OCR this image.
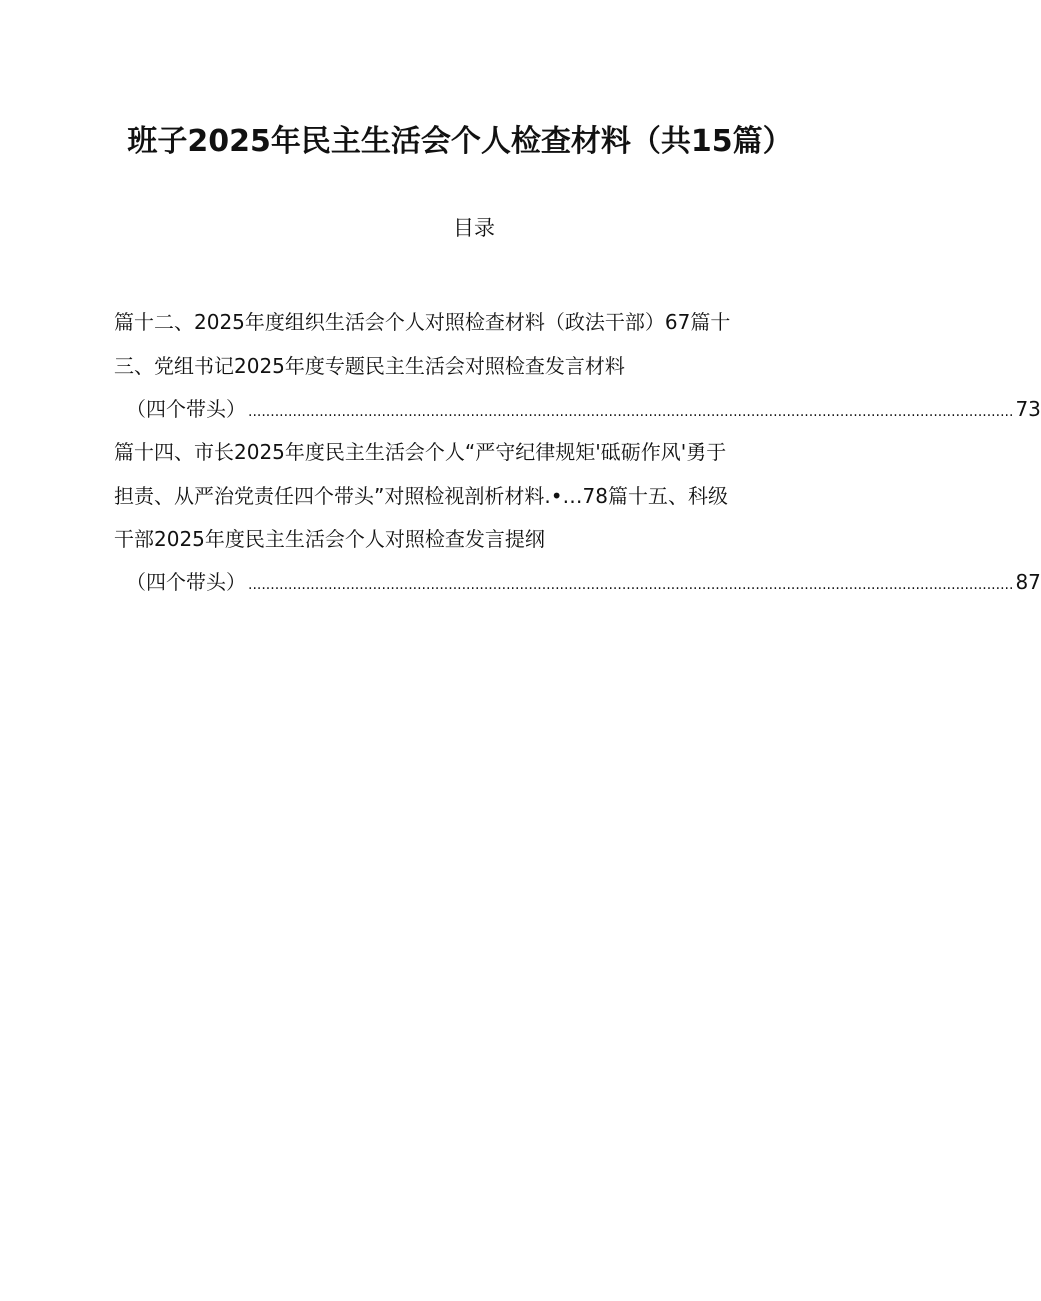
班子2025年民主生活会个人检查材料（共15篇）
目录
篇十二、2025年度组织生活会个人对照检查材料（政法干部）67篇十
三、党组书记2025年度专题民主生活会对照检查发言材料
（四个带头） ............................................................................................................................................................................ 73
篇十四、市长2025年度民主生活会个人“严守纪律规矩'砥砺作风'勇于
担责、从严治党责任四个带头”对照检视剖析材料.•…78篇十五、科级
干部2025年度民主生活会个人对照检查发言提纲
（四个带头） ............................................................................................................................................................................ 87
